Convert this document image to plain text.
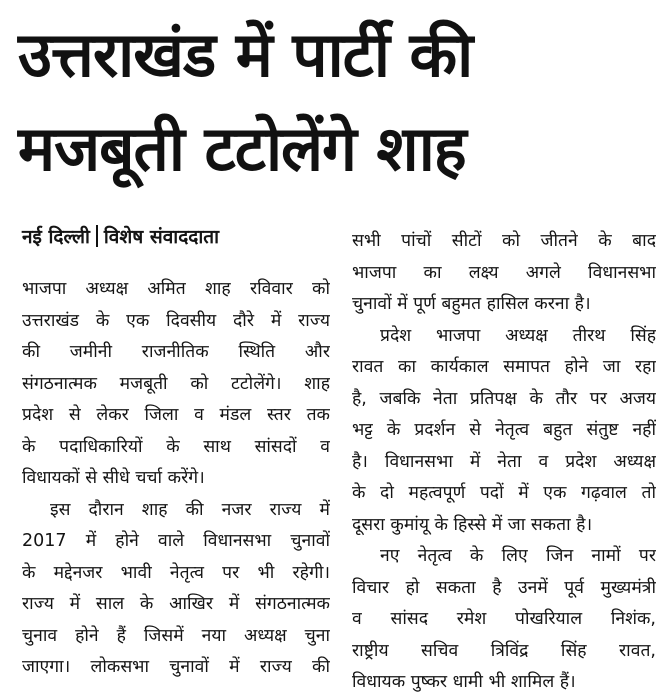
उत्तराखंड में पार्टी की
मजबूती टटोलेंगे शाह
नई दिल्ली विशेष संवाददाता
भाजपा अध्यक्ष अमित शाह रविवार को
उत्तराखंड के एक दिवसीय दौरे में राज्य
की जमीनी राजनीतिक स्थिति और
संगठनात्मक मजबूती को टटोलेंगे। शाह
प्रदेश से लेकर जिला व मंडल स्तर तक
के पदाधिकारियों के साथ सांसदों व
विधायकों से सीधे चर्चा करेंगे।
इस दौरान शाह की नजर राज्य में
2017 में होने वाले विधानसभा चुनावों
के मद्देनजर भावी नेतृत्व पर भी रहेगी।
राज्य में साल के आखिर में संगठनात्मक
चुनाव होने हैं जिसमें नया अध्यक्ष चुना
जाएगा। लोकसभा चुनावों में राज्य की
सभी पांचों सीटों को जीतने के बाद
भाजपा का लक्ष्य अगले विधानसभा
चुनावों में पूर्ण बहुमत हासिल करना है।
प्रदेश भाजपा अध्यक्ष तीरथ सिंह
रावत का कार्यकाल समापत होने जा रहा
है, जबकि नेता प्रतिपक्ष के तौर पर अजय
भट्ट के प्रदर्शन से नेतृत्व बहुत संतुष्ट नहीं
है। विधानसभा में नेता व प्रदेश अध्यक्ष
के दो महत्वपूर्ण पदों में एक गढ़वाल तो
दूसरा कुमांयू के हिस्से में जा सकता है।
नए नेतृत्व के लिए जिन नामों पर
विचार हो सकता है उनमें पूर्व मुख्यमंत्री
व सांसद रमेश पोखरियाल निशंक,
राष्ट्रीय सचिव त्रिविंद्र सिंह रावत,
विधायक पुष्कर धामी भी शामिल हैं।
